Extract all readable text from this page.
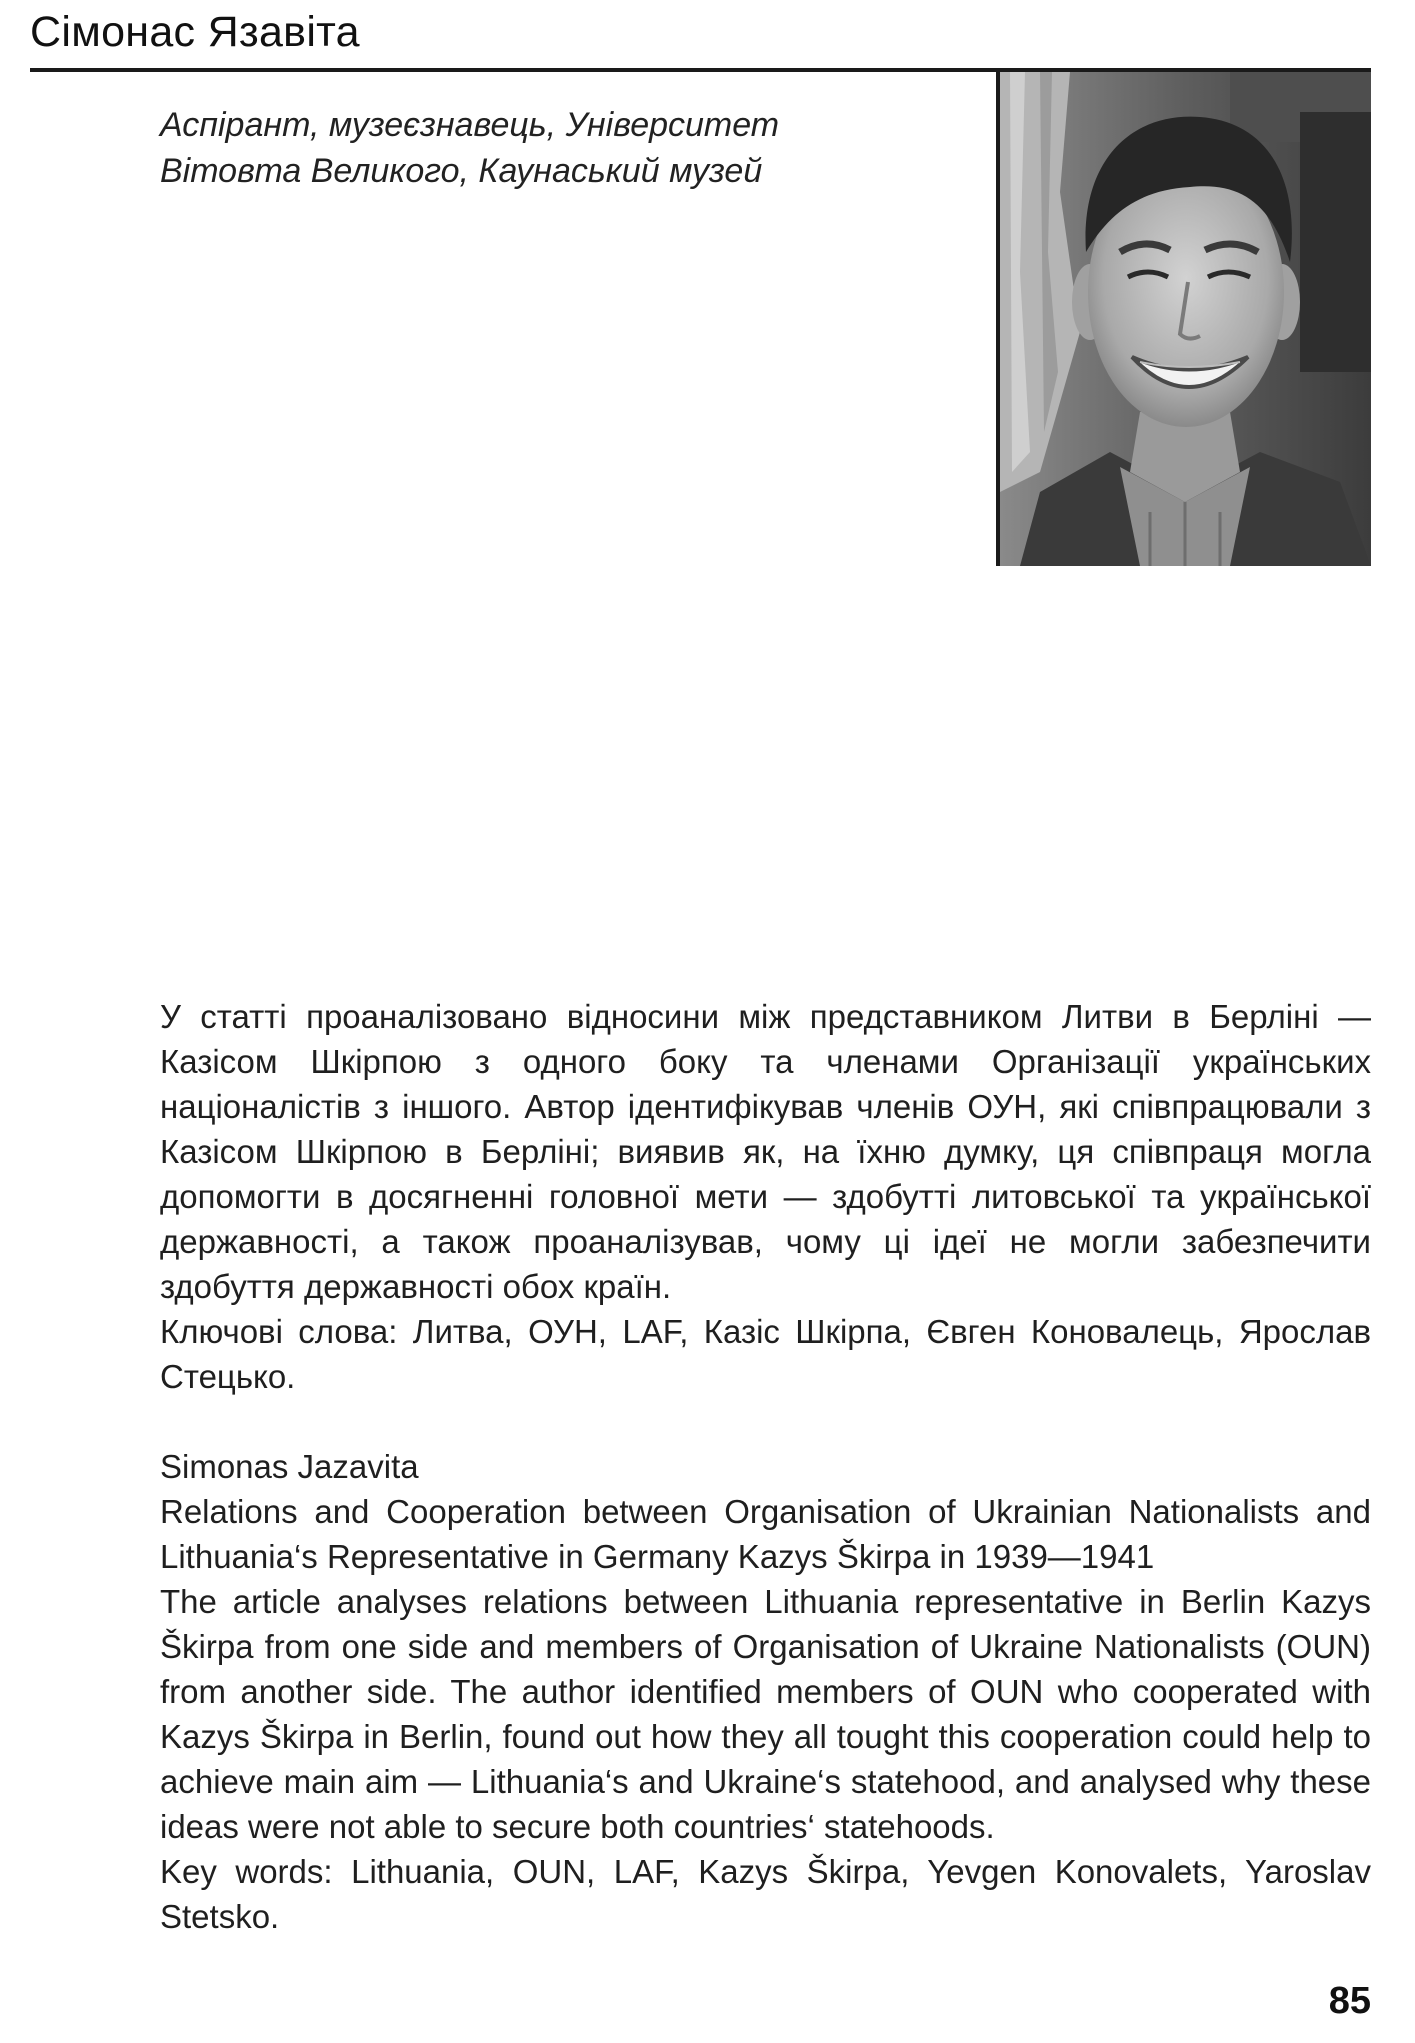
Сімонас Язавіта
Аспірант, музеєзнавець, Університет
Вітовта Великого, Каунаський музей

У статті проаналізовано відносини між представником Литви в Берліні — Казісом Шкірпою з одного боку та членами Організації українських націоналістів з іншого. Автор ідентифікував членів ОУН, які співпрацювали з Казісом Шкірпою в Берліні; виявив як, на їхню думку, ця співпраця могла допомогти в досягненні головної мети — здобутті литовської та української державності, а також проаналізував, чому ці ідеї не могли забезпечити здобуття державності обох країн.

Ключові слова: Литва, ОУН, LAF, Казіс Шкірпа, Євген Коновалець, Ярослав Стецько.

Simonas Jazavita

Relations and Cooperation between Organisation of Ukrainian Nationalists and Lithuania‘s Representative in Germany Kazys Škirpa in 1939—1941

The article analyses relations between Lithuania representative in Berlin Kazys Škirpa from one side and members of Organisation of Ukraine Nationalists (OUN) from another side. The author identified members of OUN who cooperated with Kazys Škirpa in Berlin, found out how they all tought this cooperation could help to achieve main aim — Lithuania‘s and Ukraine‘s statehood, and analysed why these ideas were not able to secure both countries‘ statehoods.

Key words: Lithuania, OUN, LAF, Kazys Škirpa, Yevgen Konovalets, Yaroslav Stetsko.

85
